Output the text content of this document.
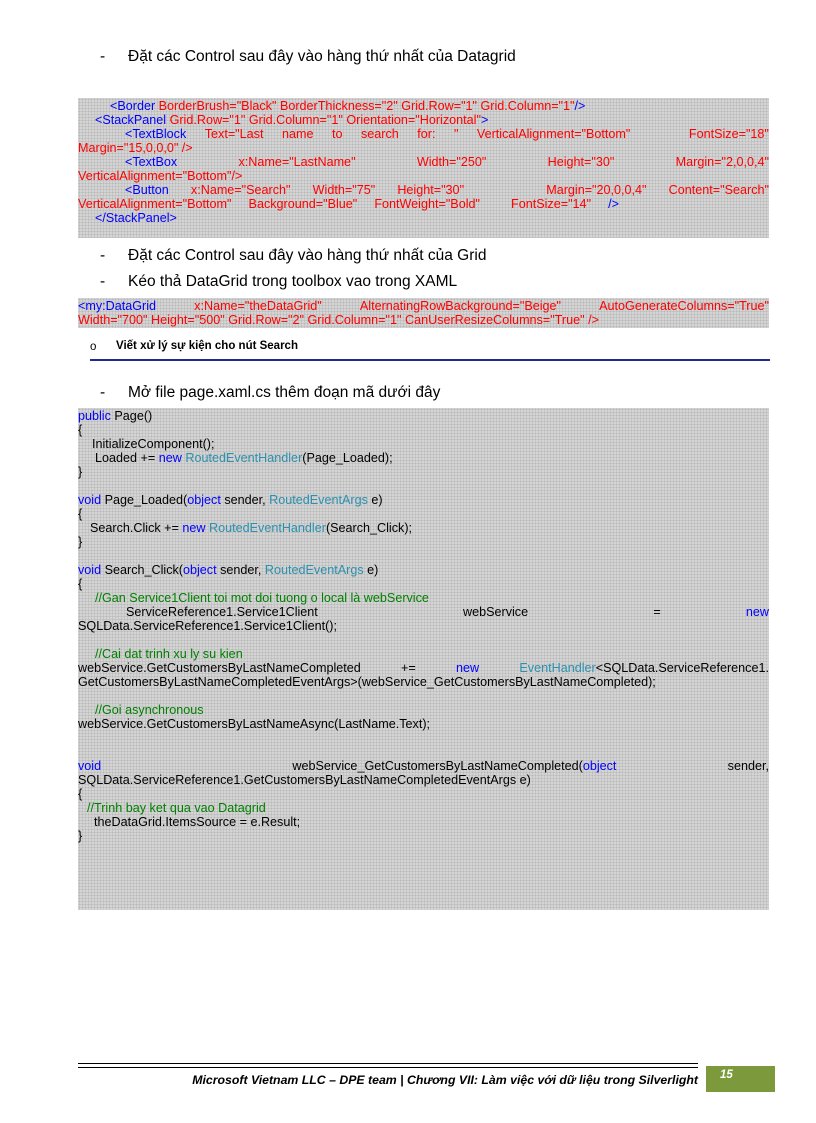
- Đặt các Control sau đây vào hàng thứ nhất của Datagrid
<Border BorderBrush="Black" BorderThickness="2" Grid.Row="1" Grid.Column="1"/>
<StackPanel Grid.Row="1" Grid.Column="1" Orientation="Horizontal">
<TextBlock Text="Last name to search for: " VerticalAlignment="Bottom"	FontSize="18"
Margin="15,0,0,0" />
<TextBox	x:Name="LastName"	Width="250"	Height="30"	Margin="2,0,0,4"
VerticalAlignment="Bottom"/>
<Button x:Name="Search" Width="75" Height="30"	Margin="20,0,0,4" Content="Search"
VerticalAlignment="Bottom" Background="Blue" FontWeight="Bold" FontSize="14" />
</StackPanel>
- Đặt các Control sau đây vào hàng thứ nhất của Grid
- Kéo thả DataGrid trong toolbox vao trong XAML
<my:DataGrid	x:Name="theDataGrid"	AlternatingRowBackground="Beige"	AutoGenerateColumns="True"
Width="700" Height="500" Grid.Row="2" Grid.Column="1" CanUserResizeColumns="True" />
o Viết xử lý sự kiện cho nút Search
- Mở file page.xaml.cs thêm đoạn mã dưới đây
public Page()
{
InitializeComponent();
Loaded += new RoutedEventHandler(Page_Loaded);
}
void Page_Loaded(object sender, RoutedEventArgs e)
{
Search.Click += new RoutedEventHandler(Search_Click);
}
void Search_Click(object sender, RoutedEventArgs e)
{
//Gan Service1Client toi mot doi tuong o local là webService
ServiceReference1.Service1Client	webService	=	new
SQLData.ServiceReference1.Service1Client();
//Cai dat trinh xu ly su kien
webService.GetCustomersByLastNameCompleted	+=	new	EventHandler<SQLData.ServiceReference1.
GetCustomersByLastNameCompletedEventArgs>(webService_GetCustomersByLastNameCompleted);
//Goi asynchronous
webService.GetCustomersByLastNameAsync(LastName.Text);
void	webService_GetCustomersByLastNameCompleted(object	sender,
SQLData.ServiceReference1.GetCustomersByLastNameCompletedEventArgs e)
{
//Trinh bay ket qua vao Datagrid
theDataGrid.ItemsSource = e.Result;
}
Microsoft Vietnam LLC – DPE team | Chương VII: Làm việc với dữ liệu trong Silverlight	15
